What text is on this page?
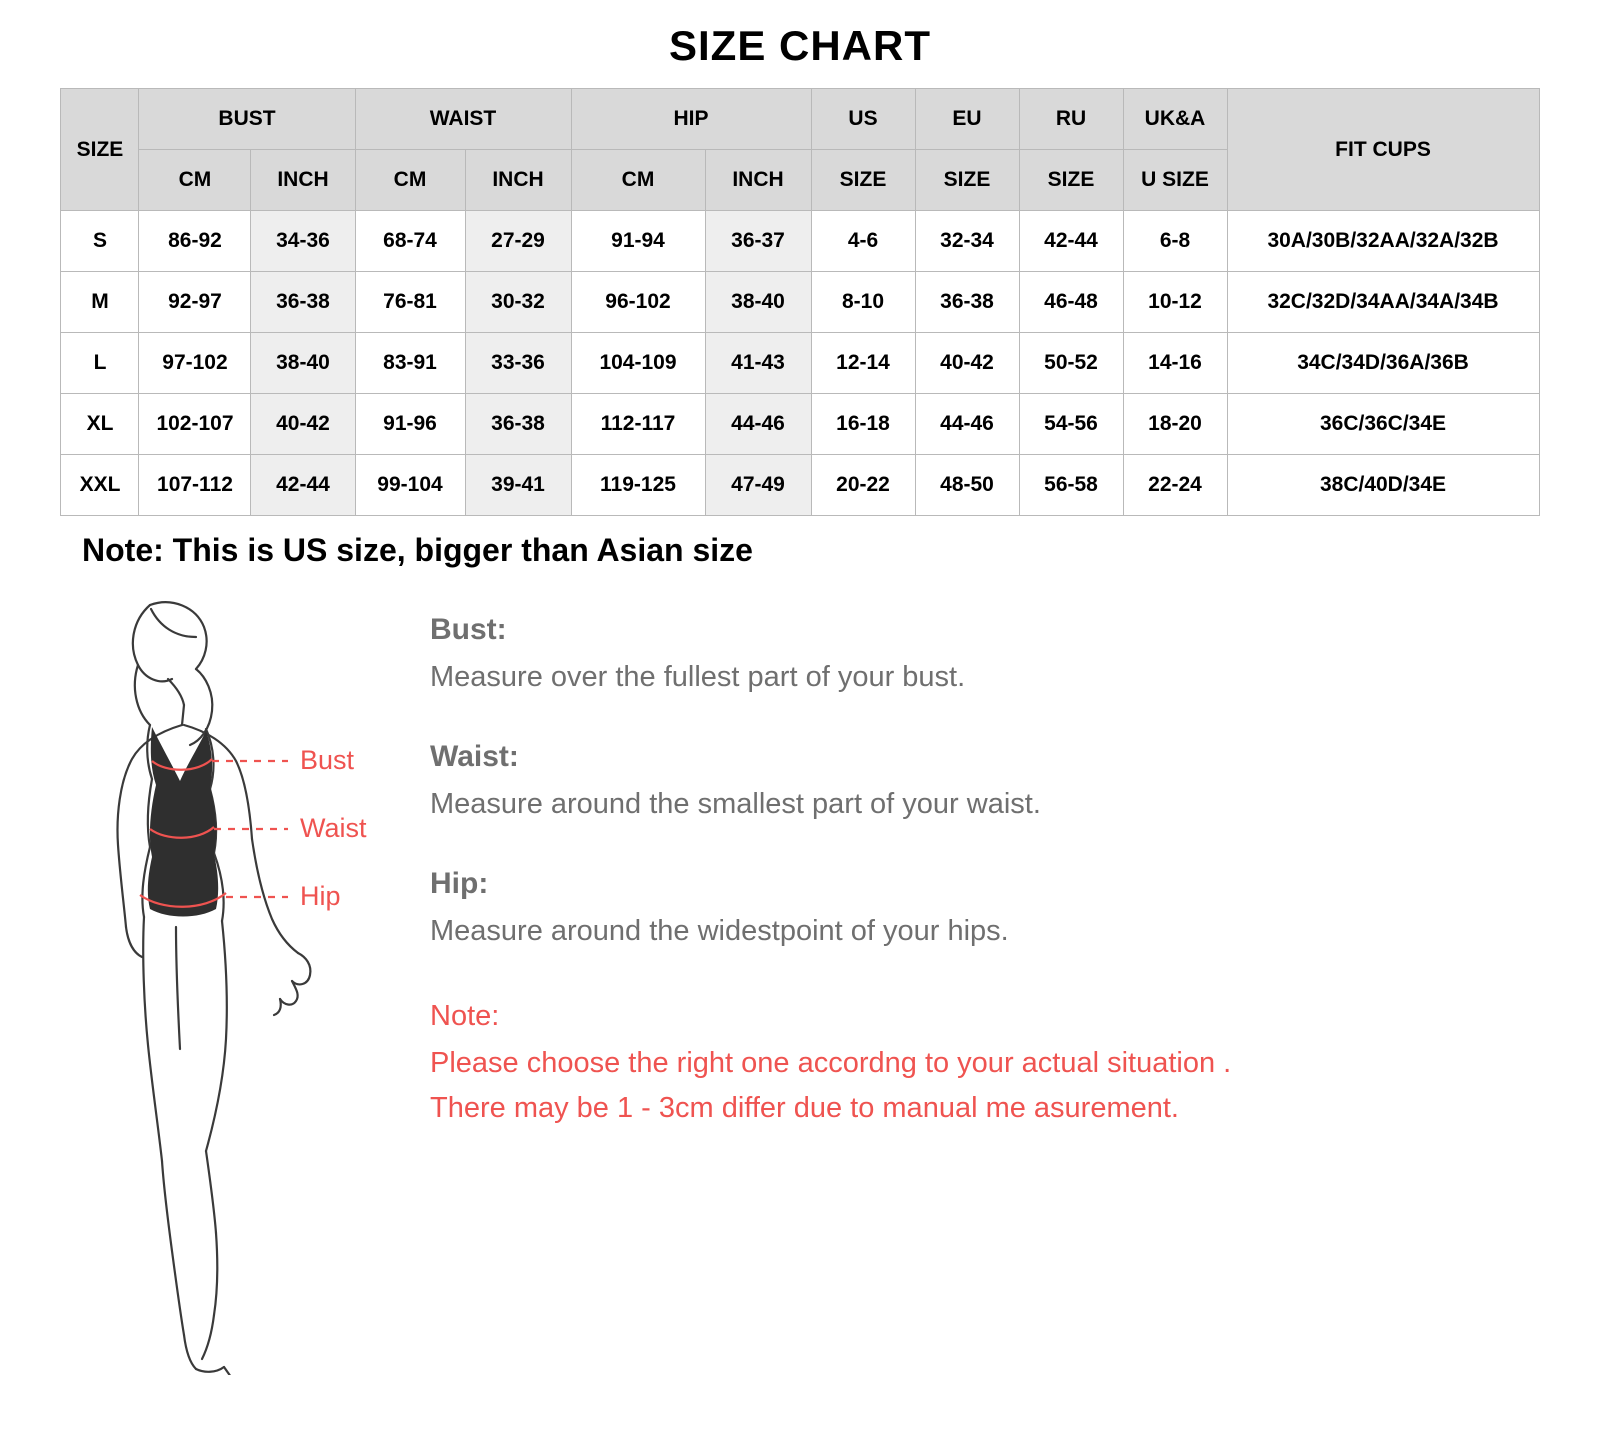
SIZE CHART
SIZE	BUST		WAIST		HIP		US	EU	RU	UK&A	FIT CUPS
	CM	INCH	CM	INCH	CM	INCH	SIZE	SIZE	SIZE	U SIZE	
S	86-92	34-36	68-74	27-29	91-94	36-37	4-6	32-34	42-44	6-8	30A/30B/32AA/32A/32B
M	92-97	36-38	76-81	30-32	96-102	38-40	8-10	36-38	46-48	10-12	32C/32D/34AA/34A/34B
L	97-102	38-40	83-91	33-36	104-109	41-43	12-14	40-42	50-52	14-16	34C/34D/36A/36B
XL	102-107	40-42	91-96	36-38	112-117	44-46	16-18	44-46	54-56	18-20	36C/36C/34E
XXL	107-112	42-44	99-104	39-41	119-125	47-49	20-22	48-50	56-58	22-24	38C/40D/34E
Note: This is US size, bigger than Asian size
Bust
Waist
Hip
Bust:
Measure over the fullest part of your bust.
Waist:
Measure around the smallest part of your waist.
Hip:
Measure around the widestpoint of your hips.
Note:
Please choose the right one accordng to your actual situation .
There may be 1 - 3cm differ due to manual me asurement.
